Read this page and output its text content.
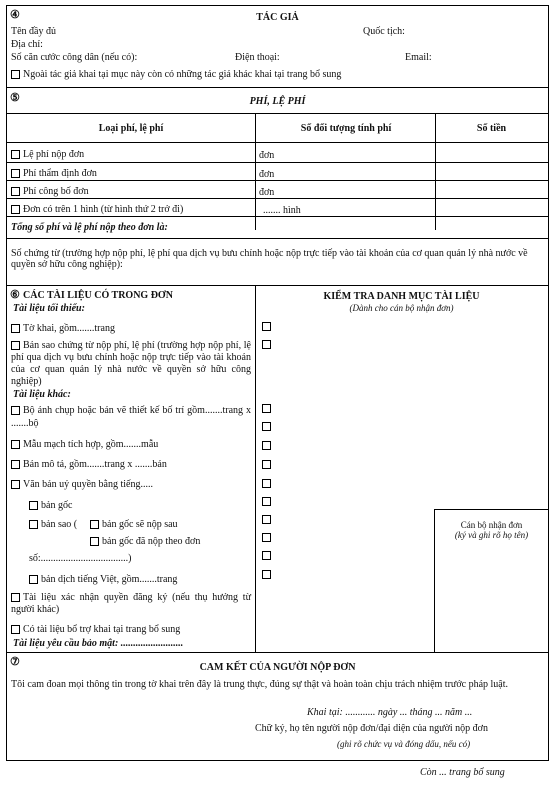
④	TÁC GIẢ
Tên đầy đủ	Quốc tịch:
Địa chỉ:
Số căn cước công dân (nếu có):	Điện thoại:	Email:
Ngoài tác giả khai tại mục này còn có những tác giả khác khai tại trang bổ sung
⑤	PHÍ, LỆ PHÍ
Loại phí, lệ phí	Số đối tượng tính phí	Số tiền
Lệ phí nộp đơn	đơn
Phí thẩm định đơn	đơn
Phí công bố đơn	đơn
Đơn có trên 1 hình (từ hình thứ 2 trở đi)	....... hình
Tổng số phí và lệ phí nộp theo đơn là:
Số chứng từ (trường hợp nộp phí, lệ phí qua dịch vụ bưu chính hoặc nộp trực tiếp vào tài khoản của cơ quan quản lý nhà nước về quyền sở hữu công nghiệp):
⑥ CÁC TÀI LIỆU CÓ TRONG ĐƠN
Tài liệu tối thiểu:
Tờ khai, gồm.......trang
Bản sao chứng từ nộp phí, lệ phí (trường hợp nộp phí, lệ phí qua dịch vụ bưu chính hoặc nộp trực tiếp vào tài khoản của cơ quan quản lý nhà nước về quyền sở hữu công nghiệp)
Tài liệu khác:
Bộ ảnh chụp hoặc bản vẽ thiết kế bố trí gồm.......trang x .......bộ
Mẫu mạch tích hợp, gồm.......mẫu
Bản mô tả, gồm.......trang x .......bản
Văn bản uỷ quyền bằng tiếng.....
bản gốc
bản sao (	bản gốc sẽ nộp sau
bản gốc đã nộp theo đơn
số:...................................)
bản dịch tiếng Việt, gồm.......trang
Tài liệu xác nhận quyền đăng ký (nếu thụ hưởng từ người khác)
Có tài liệu bổ trợ khai tại trang bổ sung
Tài liệu yêu cầu bảo mật: .........................
KIỂM TRA DANH MỤC TÀI LIỆU
(Dành cho cán bộ nhận đơn)
Cán bộ nhận đơn
(ký và ghi rõ họ tên)
⑦	CAM KẾT CỦA NGƯỜI NỘP ĐƠN
Tôi cam đoan mọi thông tin trong tờ khai trên đây là trung thực, đúng sự thật và hoàn toàn chịu trách nhiệm trước pháp luật.
Khai tại: ............ ngày ... tháng ... năm ...
Chữ ký, họ tên người nộp đơn/đại diện của người nộp đơn
(ghi rõ chức vụ và đóng dấu, nếu có)
Còn ... trang bổ sung
